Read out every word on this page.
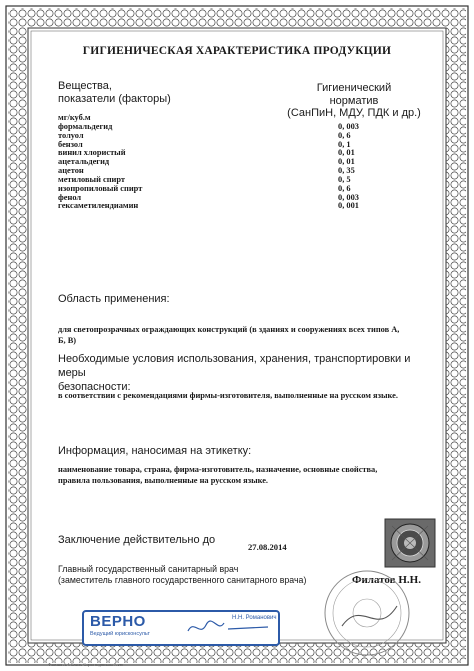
ГИГИЕНИЧЕСКАЯ ХАРАКТЕРИСТИКА ПРОДУКЦИИ
Вещества,
показатели (факторы)
Гигиенический
норматив
(СанПиН, МДУ, ПДК и др.)
мг/куб.м
формальдегид	0, 003
толуол	0, 6
бензол	0, 1
винил хлористый	0, 01
ацетальдегид	0, 01
ацетон	0, 35
метиловый спирт	0, 5
изопропиловый спирт	0, 6
фенол	0, 003
гексаметилендиамин	0, 001
Область применения:
для светопрозрачных ограждающих конструкций (в зданиях и сооружениях всех типов А,
Б, В)
Необходимые условия использования, хранения, транспортировки и меры
безопасности:
в соответствии с рекомендациями фирмы-изготовителя, выполненные на русском языке.
Информация, наносимая на этикетку:
наименование товара, страна, фирма-изготовитель, назначение, основные свойства,
правила пользования, выполненные на русском языке.
Заключение действительно до
27.08.2014
Главный государственный санитарный врач
(заместитель главного государственного санитарного врача)	Филатов Н.Н.
ВЕРНО
Ведущий юрисконсульт
Н.Н. Романович
Фснмак: А.4. Бланк. Серия подписана 7. это
